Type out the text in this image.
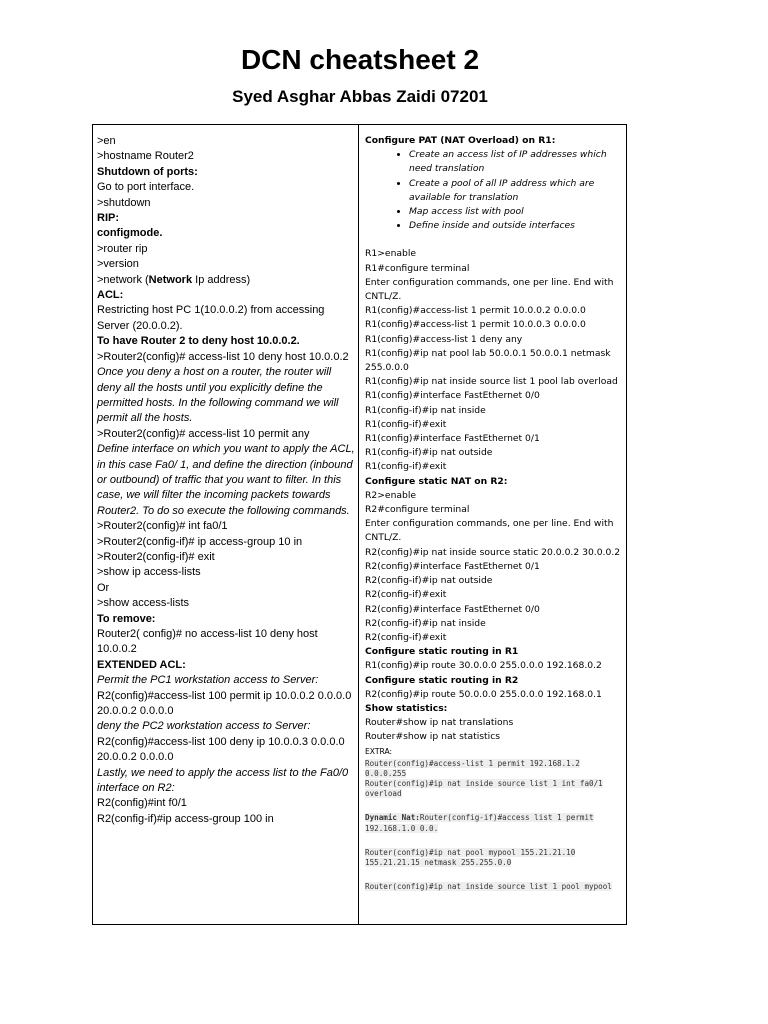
DCN cheatsheet 2
Syed Asghar Abbas Zaidi 07201
>en
>hostname Router2
Shutdown of ports:
Go to port interface.
>shutdown
RIP:
configmode.
>router rip
>version
>network (Network Ip address)
ACL:
Restricting host PC 1(10.0.0.2) from accessing Server (20.0.0.2).
To have Router 2 to deny host 10.0.0.2.
>Router2(config)# access-list 10 deny host 10.0.0.2
Once you deny a host on a router, the router will deny all the hosts until you explicitly define the permitted hosts. In the following command we will permit all the hosts.
>Router2(config)# access-list 10 permit any
Define interface on which you want to apply the ACL, in this case Fa0/ 1, and define the direction (inbound or outbound) of traffic that you want to filter. In this case, we will filter the incoming packets towards Router2. To do so execute the following commands.
>Router2(config)# int fa0/1
>Router2(config-if)# ip access-group 10 in
>Router2(config-if)# exit
>show ip access-lists
Or
>show access-lists
To remove:
Router2( config)# no access-list 10 deny host 10.0.0.2
EXTENDED ACL:
Permit the PC1 workstation access to Server:
R2(config)#access-list 100 permit ip 10.0.0.2 0.0.0.0 20.0.0.2 0.0.0.0
deny the PC2 workstation access to Server:
R2(config)#access-list 100 deny ip 10.0.0.3 0.0.0.0 20.0.0.2 0.0.0.0
Lastly, we need to apply the access list to the Fa0/0 interface on R2:
R2(config)#int f0/1
R2(config-if)#ip access-group 100 in
Configure PAT (NAT Overload) on R1:
• Create an access list of IP addresses which need translation
• Create a pool of all IP address which are available for translation
• Map access list with pool
• Define inside and outside interfaces
R1>enable
R1#configure terminal
Enter configuration commands, one per line. End with CNTL/Z.
R1(config)#access-list 1 permit 10.0.0.2 0.0.0.0
R1(config)#access-list 1 permit 10.0.0.3 0.0.0.0
R1(config)#access-list 1 deny any
R1(config)#ip nat pool lab 50.0.0.1 50.0.0.1 netmask 255.0.0.0
R1(config)#ip nat inside source list 1 pool lab overload
R1(config)#interface FastEthernet 0/0
R1(config-if)#ip nat inside
R1(config-if)#exit
R1(config)#interface FastEthernet 0/1
R1(config-if)#ip nat outside
R1(config-if)#exit
Configure static NAT on R2:
R2>enable
R2#configure terminal
Enter configuration commands, one per line. End with CNTL/Z.
R2(config)#ip nat inside source static 20.0.0.2 30.0.0.2
R2(config)#interface FastEthernet 0/1
R2(config-if)#ip nat outside
R2(config-if)#exit
R2(config)#interface FastEthernet 0/0
R2(config-if)#ip nat inside
R2(config-if)#exit
Configure static routing in R1
R1(config)#ip route 30.0.0.0 255.0.0.0 192.168.0.2
Configure static routing in R2
R2(config)#ip route 50.0.0.0 255.0.0.0 192.168.0.1
Show statistics:
Router#show ip nat translations
Router#show ip nat statistics
EXTRA:
Router(config)#access-list 1 permit 192.168.1.2 0.0.0.255
Router(config)#ip nat inside source list 1 int fa0/1 overload
Dynamic Nat:Router(config-if)#access list 1 permit 192.168.1.0 0.0.
Router(config)#ip nat pool mypool 155.21.21.10 155.21.21.15 netmask 255.255.0.0
Router(config)#ip nat inside source list 1 pool mypool
